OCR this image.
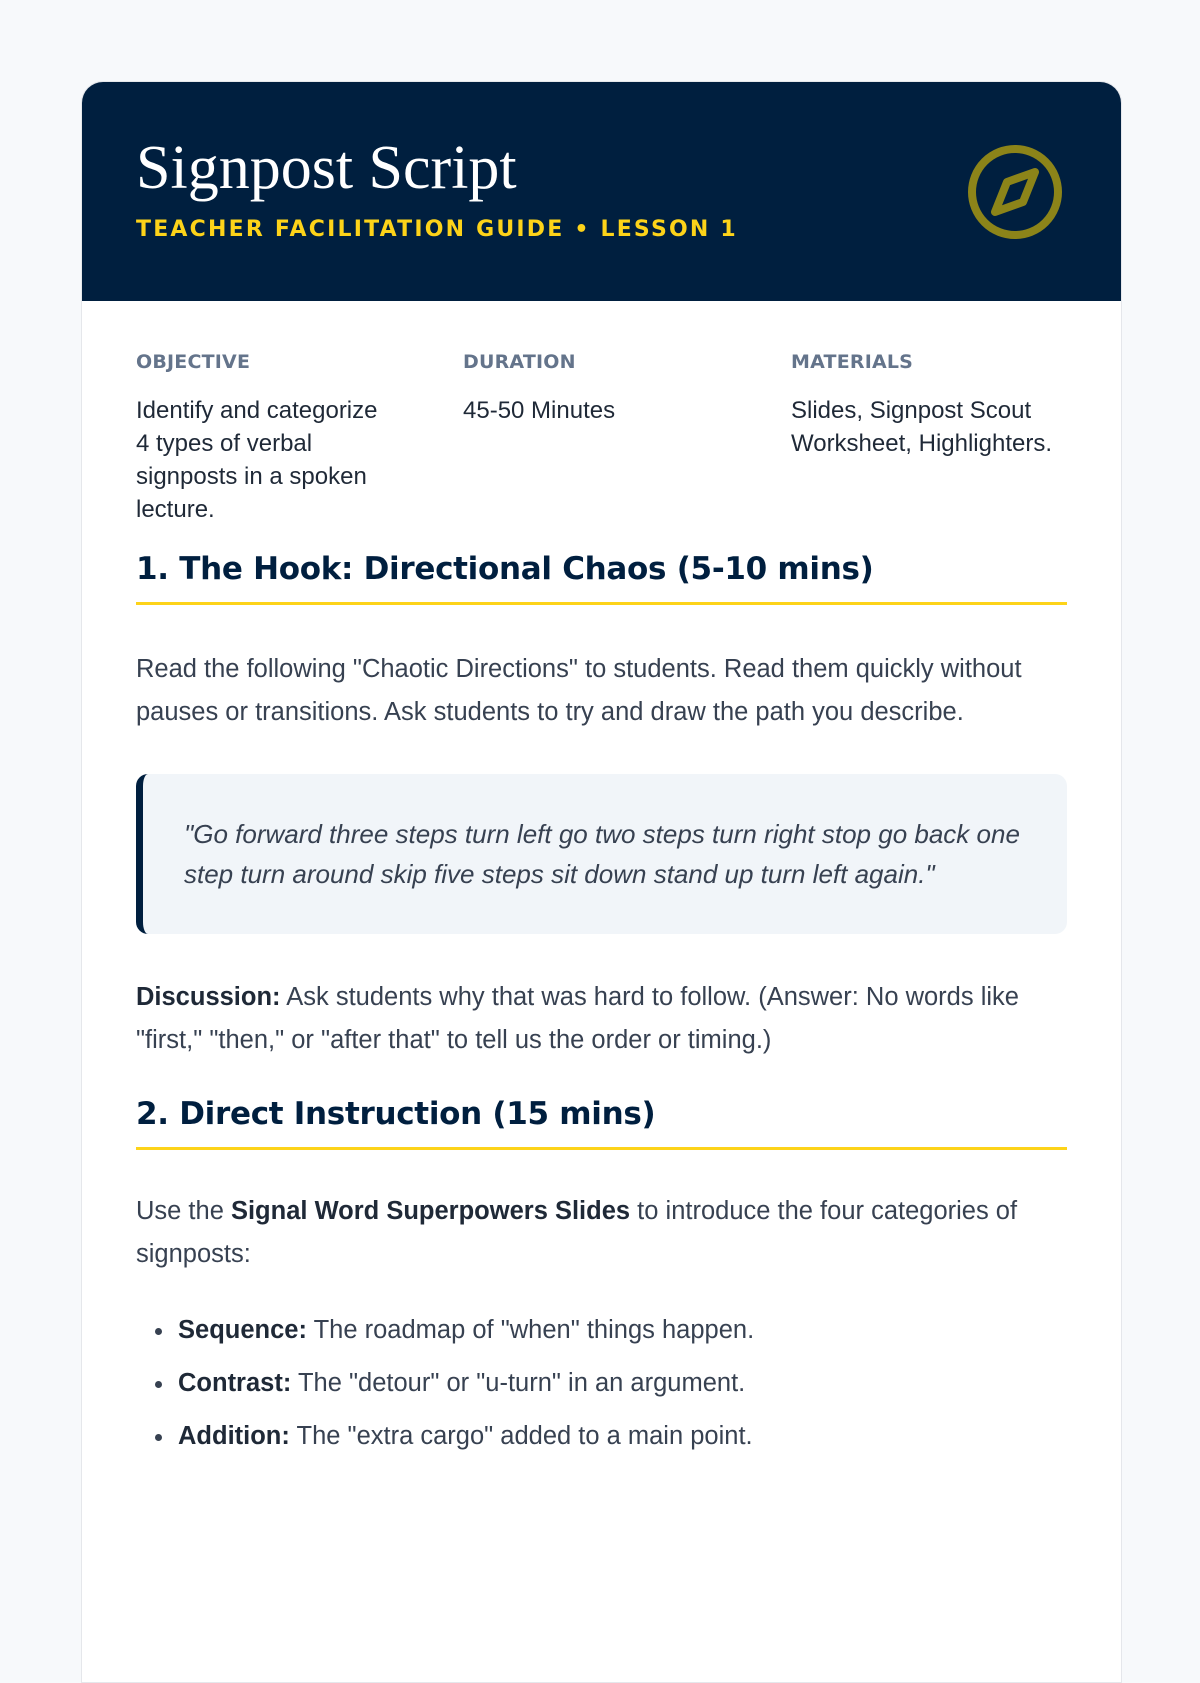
Signpost Script
TEACHER FACILITATION GUIDE • LESSON 1
OBJECTIVE
Identify and categorize 4 types of verbal signposts in a spoken lecture.
DURATION
45-50 Minutes
MATERIALS
Slides, Signpost Scout Worksheet, Highlighters.
1. The Hook: Directional Chaos (5-10 mins)

Read the following "Chaotic Directions" to students. Read them quickly without pauses or transitions. Ask students to try and draw the path you describe.

"Go forward three steps turn left go two steps turn right stop go back one step turn around skip five steps sit down stand up turn left again."

Discussion: Ask students why that was hard to follow. (Answer: No words like "first," "then," or "after that" to tell us the order or timing.)

2. Direct Instruction (15 mins)

Use the Signal Word Superpowers Slides to introduce the four categories of signposts:

• Sequence: The roadmap of "when" things happen.
• Contrast: The "detour" or "u-turn" in an argument.
• Addition: The "extra cargo" added to a main point.
